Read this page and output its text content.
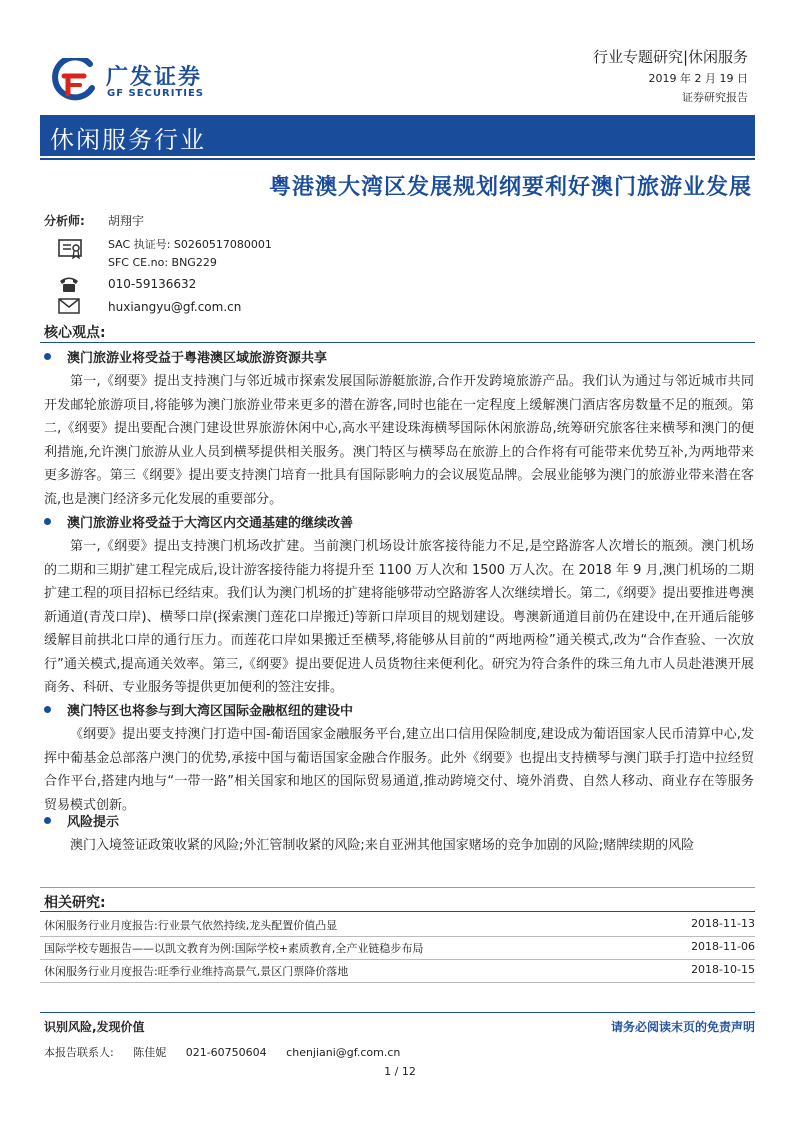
广发证券
GF SECURITIES
行业专题研究|休闲服务
2019 年 2 月 19 日
证券研究报告
休闲服务行业
粤港澳大湾区发展规划纲要利好澳门旅游业发展
分析师: 胡翔宇
SAC 执证号: S0260517080001
SFC CE.no: BNG229
010-59136632
huxiangyu@gf.com.cn
核心观点:
澳门旅游业将受益于粤港澳区域旅游资源共享
第一,《纲要》提出支持澳门与邻近城市探索发展国际游艇旅游,合作开发跨境旅游产品。我们认为通过与邻近城市共同开发邮轮旅游项目,将能够为澳门旅游业带来更多的潜在游客,同时也能在一定程度上缓解澳门酒店客房数量不足的瓶颈。第二,《纲要》提出要配合澳门建设世界旅游休闲中心,高水平建设珠海横琴国际休闲旅游岛,统筹研究旅客往来横琴和澳门的便利措施,允许澳门旅游从业人员到横琴提供相关服务。澳门特区与横琴岛在旅游上的合作将有可能带来优势互补,为两地带来更多游客。第三《纲要》提出要支持澳门培育一批具有国际影响力的会议展览品牌。会展业能够为澳门的旅游业带来潜在客流,也是澳门经济多元化发展的重要部分。
澳门旅游业将受益于大湾区内交通基建的继续改善
第一,《纲要》提出支持澳门机场改扩建。当前澳门机场设计旅客接待能力不足,是空路游客人次增长的瓶颈。澳门机场的二期和三期扩建工程完成后,设计游客接待能力将提升至 1100 万人次和 1500 万人次。在 2018 年 9 月,澳门机场的二期扩建工程的项目招标已经结束。我们认为澳门机场的扩建将能够带动空路游客人次继续增长。第二,《纲要》提出要推进粤澳新通道(青茂口岸)、横琴口岸(探索澳门莲花口岸搬迁)等新口岸项目的规划建设。粤澳新通道目前仍在建设中,在开通后能够缓解目前拱北口岸的通行压力。而莲花口岸如果搬迁至横琴,将能够从目前的“两地两检”通关模式,改为“合作查验、一次放行”通关模式,提高通关效率。第三,《纲要》提出要促进人员货物往来便利化。研究为符合条件的珠三角九市人员赴港澳开展商务、科研、专业服务等提供更加便利的签注安排。
澳门特区也将参与到大湾区国际金融枢纽的建设中
《纲要》提出要支持澳门打造中国-葡语国家金融服务平台,建立出口信用保险制度,建设成为葡语国家人民币清算中心,发挥中葡基金总部落户澳门的优势,承接中国与葡语国家金融合作服务。此外《纲要》也提出支持横琴与澳门联手打造中拉经贸合作平台,搭建内地与“一带一路”相关国家和地区的国际贸易通道,推动跨境交付、境外消费、自然人移动、商业存在等服务贸易模式创新。
风险提示
澳门入境签证政策收紧的风险;外汇管制收紧的风险;来自亚洲其他国家赌场的竞争加剧的风险;赌牌续期的风险
相关研究:
休闲服务行业月度报告:行业景气依然持续,龙头配置价值凸显	2018-11-13
国际学校专题报告——以凯文教育为例:国际学校+素质教育,全产业链稳步布局	2018-11-06
休闲服务行业月度报告:旺季行业维持高景气,景区门票降价落地	2018-10-15
识别风险,发现价值	请务必阅读末页的免责声明
本报告联系人: 陈佳妮 021-60750604 chenjiani@gf.com.cn
1 / 12
